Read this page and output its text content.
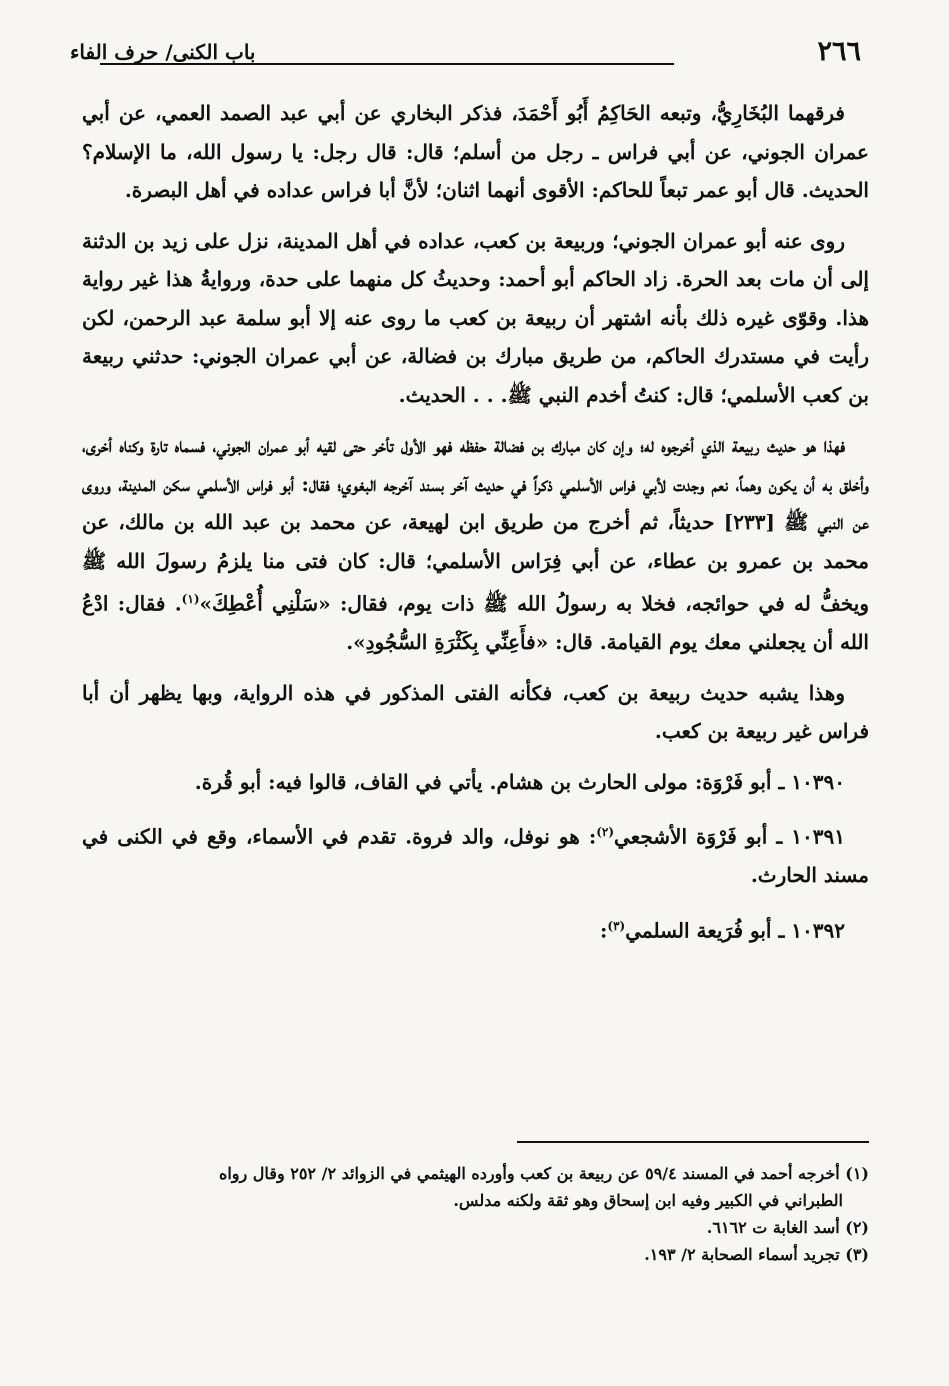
٢٦٦
باب الكنى/ حرف الفاء

فرقهما البُخَارِيُّ، وتبعه الحَاكِمُ أَبُو أَحْمَدَ، فذكر البخاري عن أبي عبد الصمد العمي، عن أبي عمران الجوني، عن أبي فراس ـ رجل من أسلم؛ قال: قال رجل: يا رسول الله، ما الإسلام؟ الحديث. قال أبو عمر تبعاً للحاكم: الأقوى أنهما اثنان؛ لأنَّ أبا فراس عداده في أهل البصرة.

روى عنه أبو عمران الجوني؛ وربيعة بن كعب، عداده في أهل المدينة، نزل على زيد بن الدثنة إلى أن مات بعد الحرة. زاد الحاكم أبو أحمد: وحديثُ كل منهما على حدة، وروايةُ هذا غير رواية هذا. وقوّى غيره ذلك بأنه اشتهر أن ربيعة بن كعب ما روى عنه إلا أبو سلمة عبد الرحمن، لكن رأيت في مستدرك الحاكم، من طريق مبارك بن فضالة، عن أبي عمران الجوني: حدثني ربيعة بن كعب الأسلمي؛ قال: كنتُ أخدم النبي ﷺ. . . الحديث.

فهذا هو حديث ربيعة الذي أخرجوه له؛ وإن كان مبارك بن فضالة حفظه فهو الأول تأخر حتى لقيه أبو عمران الجوني، فسماه تارة وكناه أخرى، وأخلق به أن يكون وهماً، نعم وجدت لأبي فراس الأسلمي ذكراً في حديث آخر بسند آخرجه البغوي؛ فقال: أبو فراس الأسلمي سكن المدينة، وروى عن النبي ﷺ [٢٣٣] حديثاً، ثم أخرج من طريق ابن لهيعة، عن محمد بن عبد الله بن مالك، عن محمد بن عمرو بن عطاء، عن أبي فِرَاس الأسلمي؛ قال: كان فتى منا يلزمُ رسولَ الله ﷺ ويخفُّ له في حوائجه، فخلا به رسولُ الله ﷺ ذات يوم، فقال: «سَلْنِي أُعْطِكَ»$^{(١)}$. فقال: ادْعُ الله أن يجعلني معك يوم القيامة. قال: «فأَعِنِّي بِكَثْرَةِ السُّجُودِ».

وهذا يشبه حديث ربيعة بن كعب، فكأنه الفتى المذكور في هذه الرواية، وبها يظهر أن أبا فراس غير ربيعة بن كعب.

١٠٣٩٠ ـ أبو فَرْوَة: مولى الحارث بن هشام. يأتي في القاف، قالوا فيه: أبو قُرة.

١٠٣٩١ ـ أبو فَرْوَة الأشجعي$^{(٢)}$: هو نوفل، والد فروة. تقدم في الأسماء، وقع في الكنى في مسند الحارث.

١٠٣٩٢ ـ أبو فُرَيعة السلمي$^{(٣)}$:

(١) أخرجه أحمد في المسند ٥٩/٤ عن ربيعة بن كعب وأورده الهيثمي في الزوائد ٢/ ٢٥٢ وقال رواه

الطبراني في الكبير وفيه ابن إسحاق وهو ثقة ولكنه مدلس.

(٢) أسد الغابة ت ٦١٦٢.

(٣) تجريد أسماء الصحابة ٢/ ١٩٣.
